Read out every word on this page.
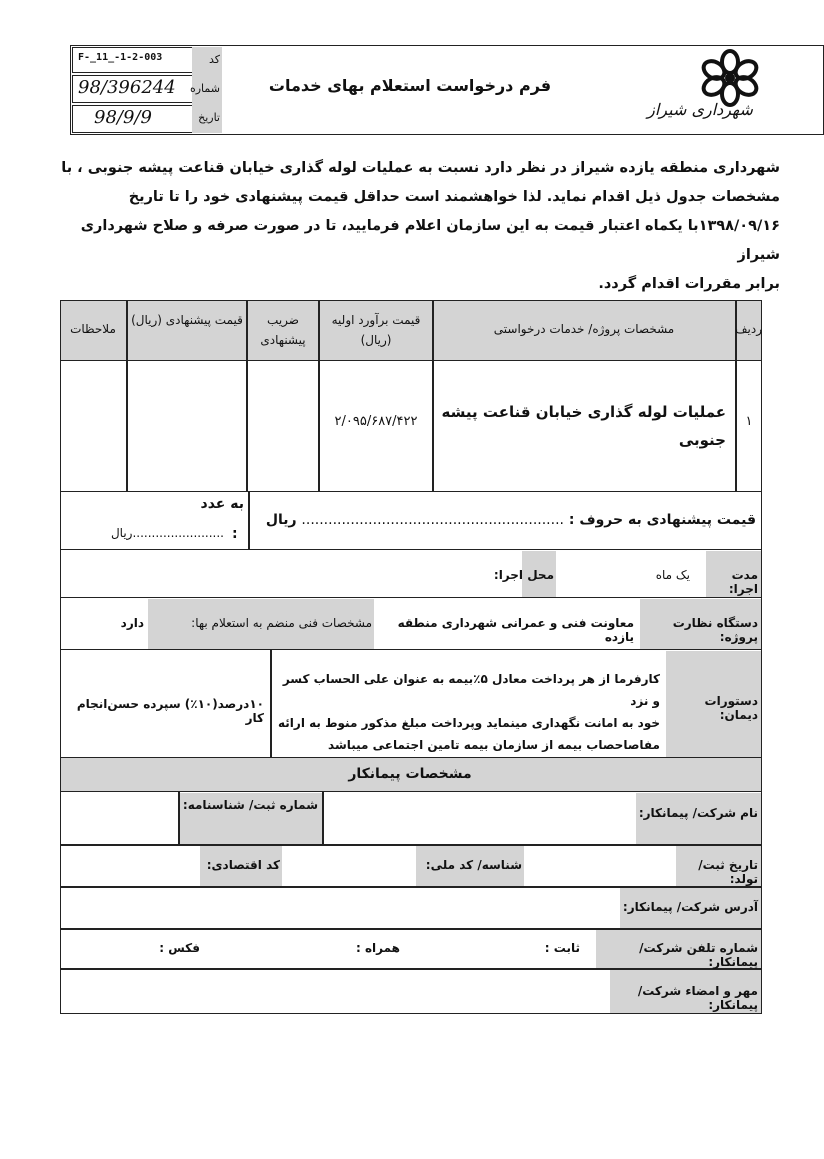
شهرداری شیراز
فرم درخواست استعلام بهای خدمات
کد
شماره
تاریخ
F-_11_-1-2-003
98/396244
98/9/9
شهرداری منطقه یازده شیراز در نظر دارد نسبت به عملیات لوله گذاری خیابان قناعت پیشه جنوبی ، با
مشخصات جدول ذیل اقدام نماید. لذا خواهشمند است حداقل قیمت پیشنهادی خود را تا تاریخ
۱۳۹۸/۰۹/۱۶با یکماه اعتبار قیمت به این سازمان اعلام فرمایید، تا در صورت صرفه و صلاح شهرداری شیراز
برابر مقررات اقدام گردد.
ردیف
مشخصات پروژه/ خدمات درخواستی
قیمت برآورد اولیه (ریال)
ضریب پیشنهادی
قیمت پیشنهادی (ریال)
ملاحظات
۱
عملیات لوله گذاری خیابان قناعت پیشه جنوبی
۲/۰۹۵/۶۸۷/۴۲۲
قیمت پیشنهادی به حروف : ........................................................... ریال
به عدد
:
........................ریال
مدت اجرا:
یک ماه
محل اجرا:
دستگاه نظارت پروژه:
معاونت فنی و عمرانی شهرداری منطقه یازده
مشخصات فنی منضم به استعلام بها:
دارد
دستورات دیمان:
کارفرما از هر پرداخت معادل ۵٪بیمه به عنوان علی الحساب کسر و نزد
خود به امانت نگهداری مینماید وپرداخت مبلغ مذکور منوط به ارائه
مفاصاحصاب بیمه از سازمان بیمه تامین اجتماعی میباشد
۱۰درصد(۱۰٪) سپرده حسن‌انجام کار
مشخصات پیمانکار
نام شرکت/ پیمانکار:
شماره ثبت/ شناسنامه:
تاریخ ثبت/ تولد:
شناسه/ کد ملی:
کد اقتصادی:
آدرس شرکت/ پیمانکار:
شماره تلفن شرکت/ پیمانکار:
ثابت :
همراه :
فکس :
مهر و امضاء شرکت/ پیمانکار:
